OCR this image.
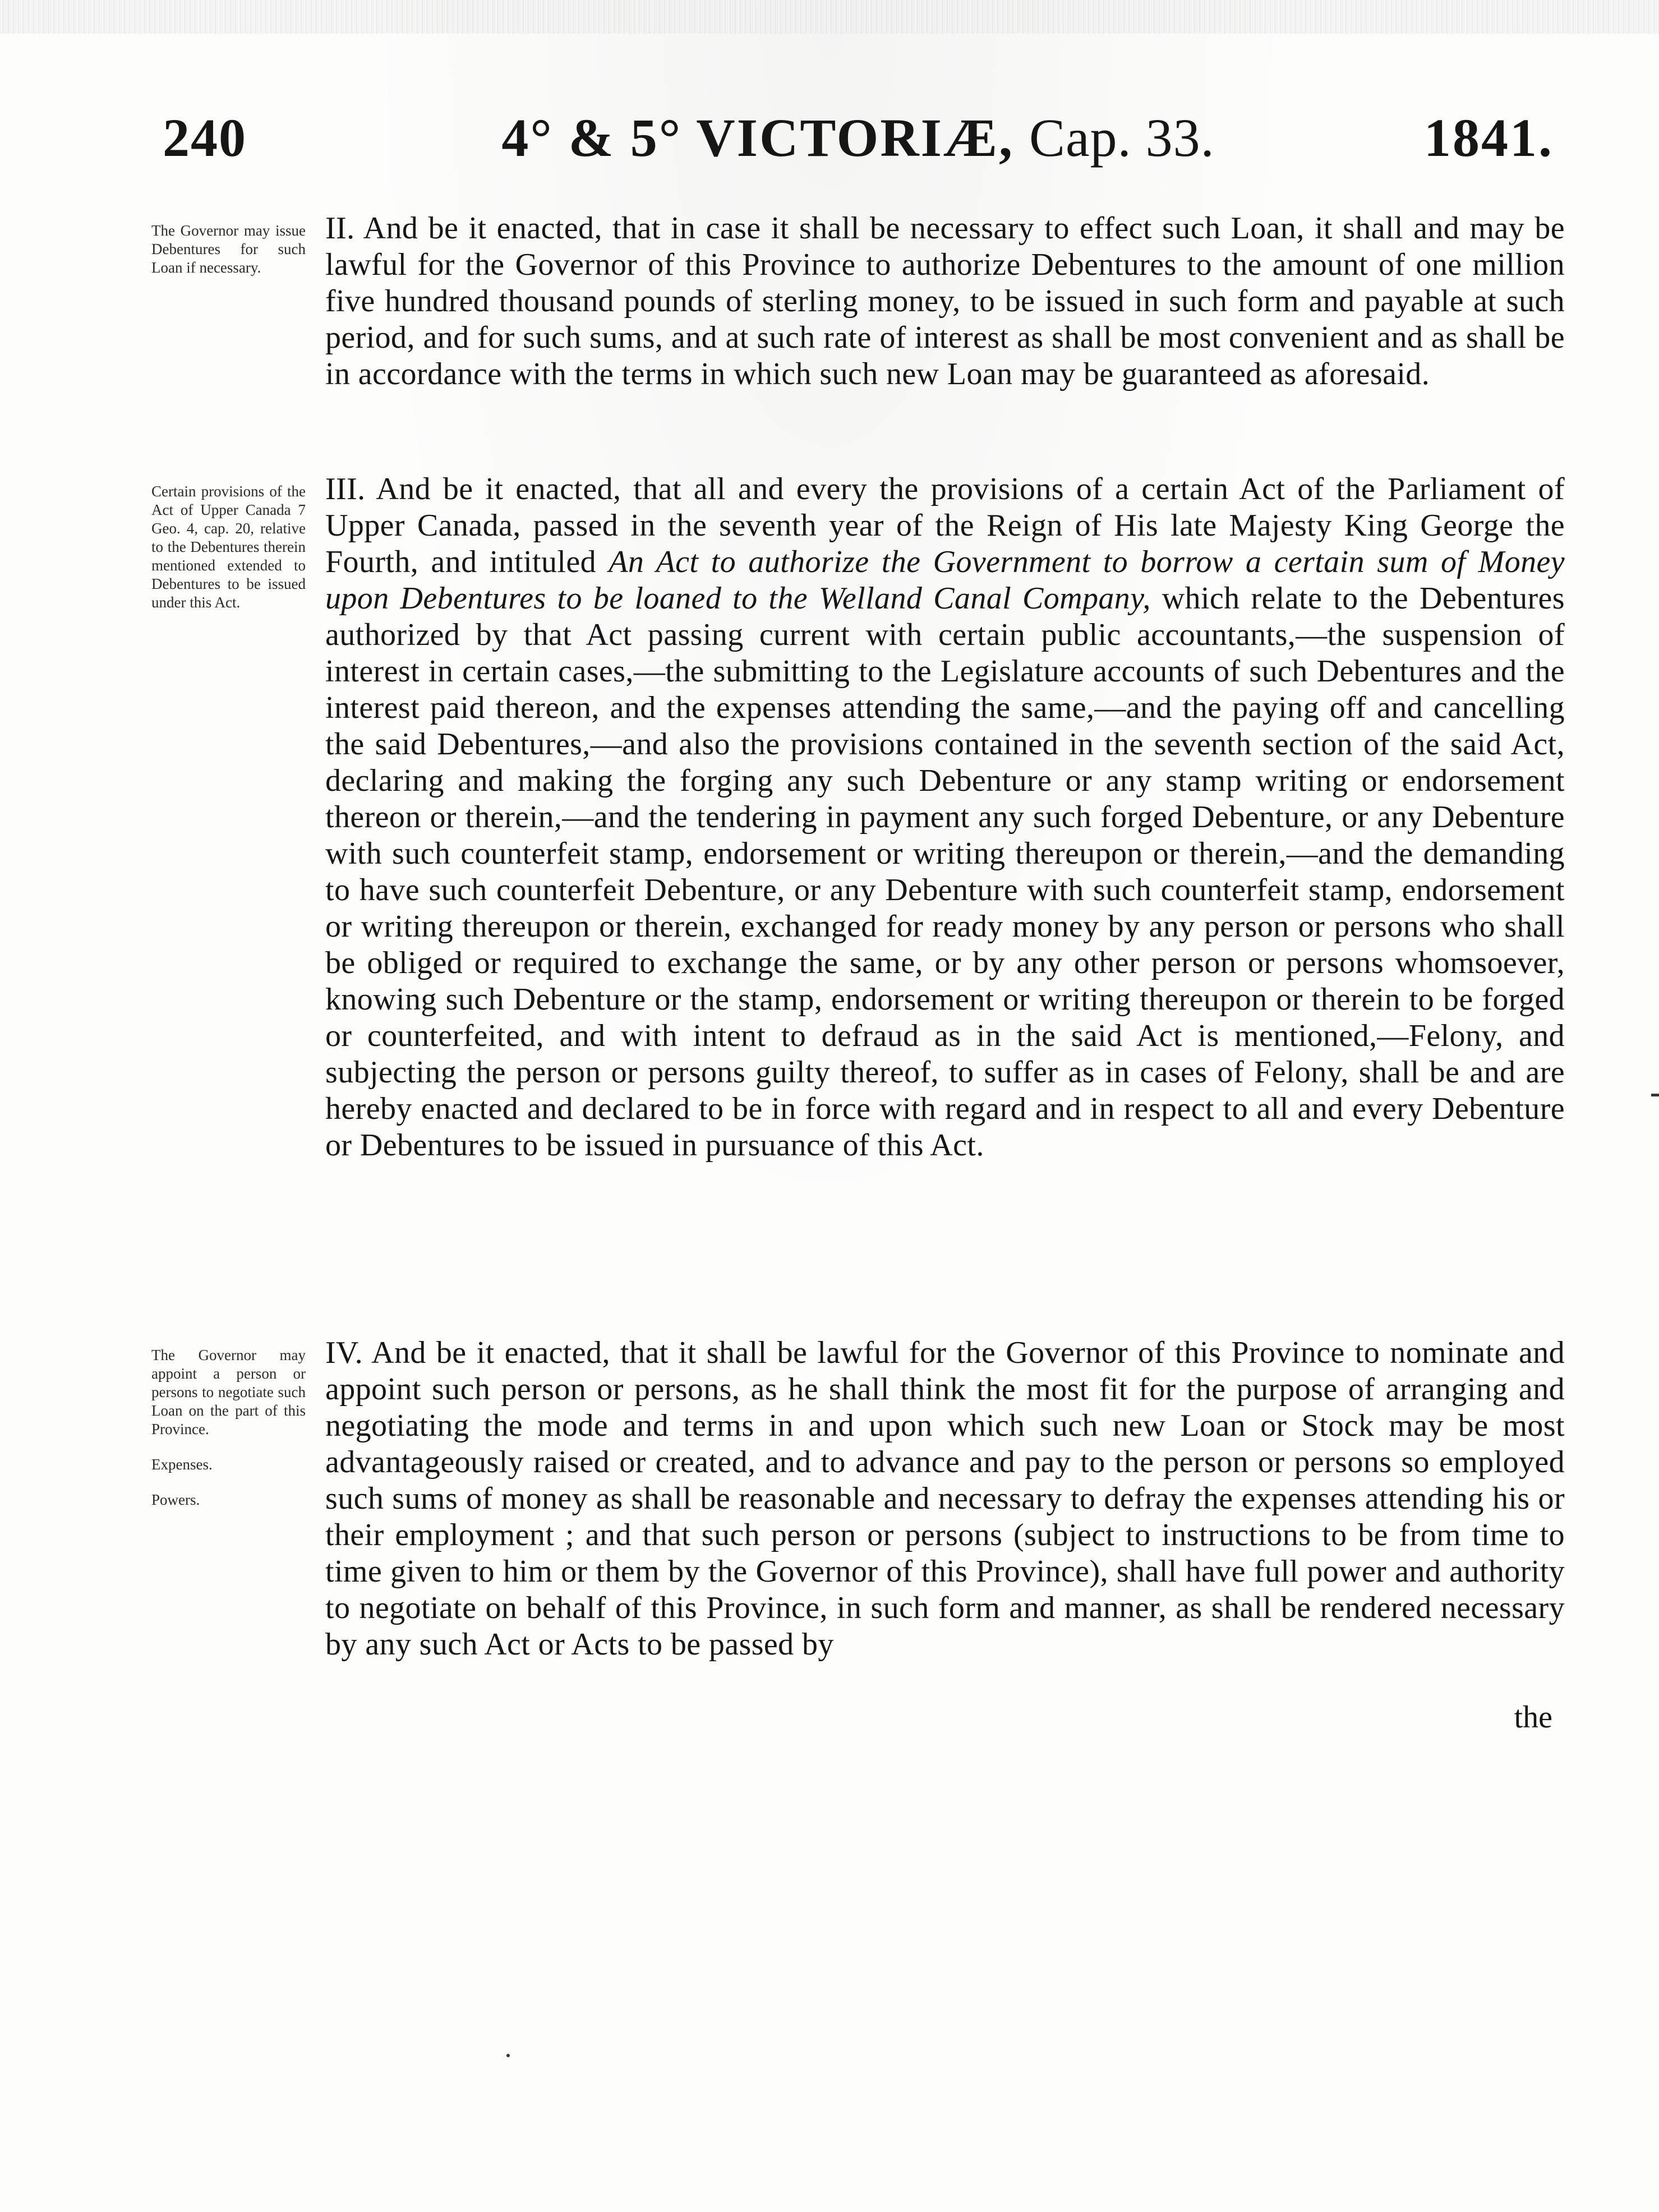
240	4° & 5° VICTORIÆ, Cap. 33.	1841.

The Governor may issue Debentures for such Loan if necessary.

II. And be it enacted, that in case it shall be necessary to effect such Loan, it shall and may be lawful for the Governor of this Province to authorize Debentures to the amount of one million five hundred thousand pounds of sterling money, to be issued in such form and payable at such period, and for such sums, and at such rate of interest as shall be most convenient and as shall be in accordance with the terms in which such new Loan may be guaranteed as aforesaid.

Certain provisions of the Act of Upper Canada 7 Geo. 4, cap. 20, relative to the Debentures therein mentioned extended to Debentures to be issued under this Act.

III. And be it enacted, that all and every the provisions of a certain Act of the Parliament of Upper Canada, passed in the seventh year of the Reign of His late Majesty King George the Fourth, and intituled An Act to authorize the Government to borrow a certain sum of Money upon Debentures to be loaned to the Welland Canal Company, which relate to the Debentures authorized by that Act passing current with certain public accountants,—the suspension of interest in certain cases,—the submitting to the Legislature accounts of such Debentures and the interest paid thereon, and the expenses attending the same,—and the paying off and cancelling the said Debentures,—and also the provisions contained in the seventh section of the said Act, declaring and making the forging any such Debenture or any stamp writing or endorsement thereon or therein,—and the tendering in payment any such forged Debenture, or any Debenture with such counterfeit stamp, endorsement or writing thereupon or therein,—and the demanding to have such counterfeit Debenture, or any Debenture with such counterfeit stamp, endorsement or writing thereupon or therein, exchanged for ready money by any person or persons who shall be obliged or required to exchange the same, or by any other person or persons whomsoever, knowing such Debenture or the stamp, endorsement or writing thereupon or therein to be forged or counterfeited, and with intent to defraud as in the said Act is mentioned,—Felony, and subjecting the person or persons guilty thereof, to suffer as in cases of Felony, shall be and are hereby enacted and declared to be in force with regard and in respect to all and every Debenture or Debentures to be issued in pursuance of this Act.

The Governor may appoint a person or persons to negotiate such Loan on the part of this Province.

Expenses.

Powers.

IV. And be it enacted, that it shall be lawful for the Governor of this Province to nominate and appoint such person or persons, as he shall think the most fit for the purpose of arranging and negotiating the mode and terms in and upon which such new Loan or Stock may be most advantageously raised or created, and to advance and pay to the person or persons so employed such sums of money as shall be reasonable and necessary to defray the expenses attending his or their employment ; and that such person or persons (subject to instructions to be from time to time given to him or them by the Governor of this Province), shall have full power and authority to negotiate on behalf of this Province, in such form and manner, as shall be rendered necessary by any such Act or Acts to be passed by
the
